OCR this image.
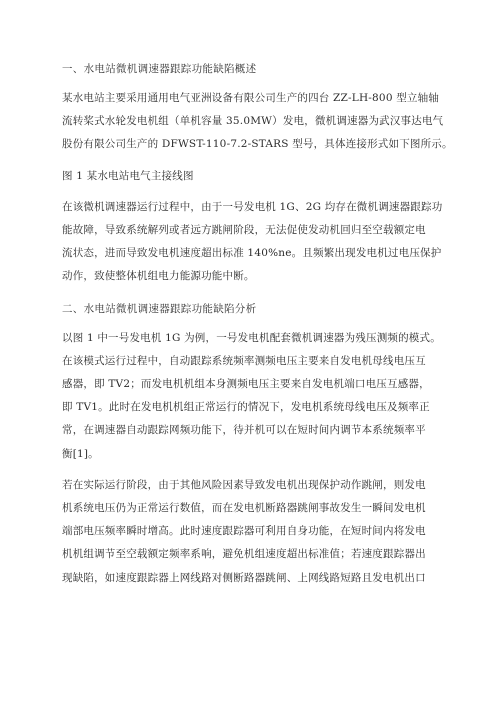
一、水电站微机调速器跟踪功能缺陷概述

某水电站主要采用通用电气亚洲设备有限公司生产的四台 ZZ-LH-800 型立轴轴
流转桨式水轮发电机组（单机容量 35.0MW）发电，微机调速器为武汉事达电气
股份有限公司生产的 DFWST-110-7.2-STARS 型号，具体连接形式如下图所示。

图 1 某水电站电气主接线图

在该微机调速器运行过程中，由于一号发电机 1G、2G 均存在微机调速器跟踪功
能故障，导致系统解列或者远方跳闸阶段，无法促使发动机回归至空载额定电
流状态，进而导致发电机速度超出标准 140%ne。且频繁出现发电机过电压保护
动作，致使整体机组电力能源功能中断。

二、水电站微机调速器跟踪功能缺陷分析

以图 1 中一号发电机 1G 为例，一号发电机配套微机调速器为残压测频的模式。
在该模式运行过程中，自动跟踪系统频率测频电压主要来自发电机母线电压互
感器，即 TV2；而发电机机组本身测频电压主要来自发电机端口电压互感器，
即 TV1。此时在发电机机组正常运行的情况下，发电机系统母线电压及频率正
常，在调速器自动跟踪网频功能下，待并机可以在短时间内调节本系统频率平
衡[1]。

若在实际运行阶段，由于其他风险因素导致发电机出现保护动作跳闸，则发电
机系统电压仍为正常运行数值，而在发电机断路器跳闸事故发生一瞬间发电机
端部电压频率瞬时增高。此时速度跟踪器可利用自身功能，在短时间内将发电
机机组调节至空载额定频率系响，避免机组速度超出标准值；若速度跟踪器出
现缺陷，如速度跟踪器上网线路对侧断路器跳闸、上网线路短路且发电机出口
